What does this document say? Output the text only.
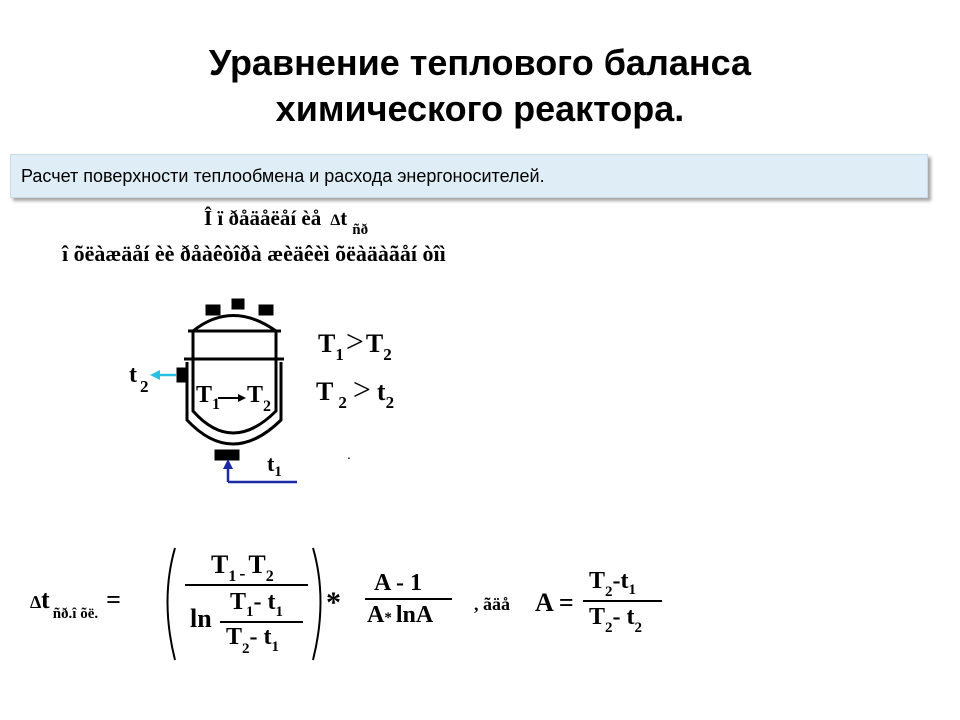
Уравнение теплового баланса
химического реактора.
Расчет поверхности теплообмена и расхода энергоносителей.
Î ï ðåäåëåí èå ∆t $_{ñð}$
î õëàæäåí èè ðåàêòîðà æèäêèì õëàäàãåí òîì
$T_1$ $T_2$
t $_2$
$t_1$
$T_1>T_2$
T $_2 > t_2$
.
∆t $_{ñð.î õë.}$ =
$T_1$ $_-$ $T_2$
ln
$T_1-$ $t_1$
$T_2-$ $t_1$
*
A - 1
A* lnA , ãäå A =
$T_2-t_1$
$T_2-$ $t_2$
